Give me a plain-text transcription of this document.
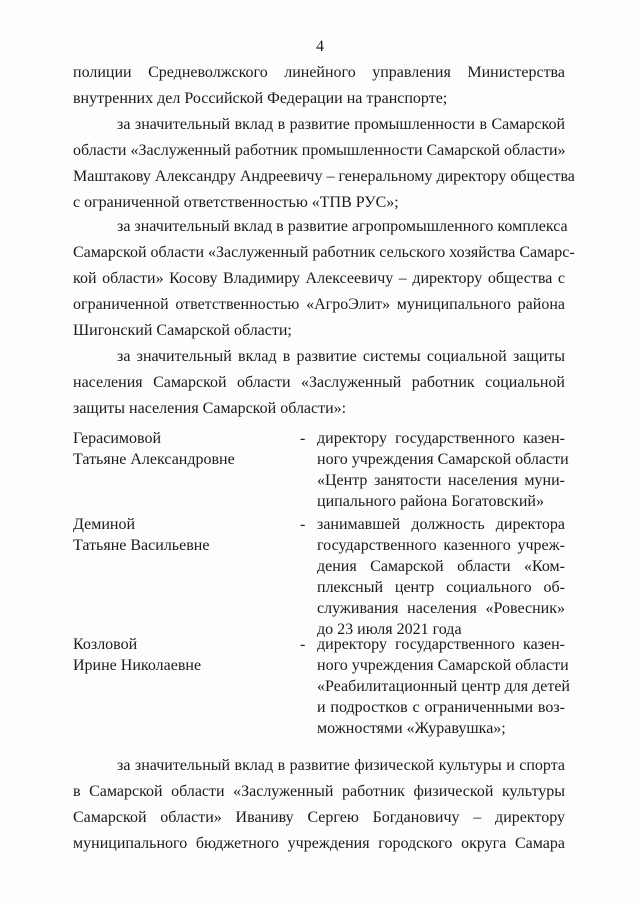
4
полиции Средневолжского линейного управления Министерства
внутренних дел Российской Федерации на транспорте;
за значительный вклад в развитие промышленности в Самарской
области «Заслуженный работник промышленности Самарской области»
Маштакову Александру Андреевичу – генеральному директору общества
с ограниченной ответственностью «ТПВ РУС»;
за значительный вклад в развитие агропромышленного комплекса
Самарской области «Заслуженный работник сельского хозяйства Самарс-
кой области» Косову Владимиру Алексеевичу – директору общества с
ограниченной ответственностью «АгроЭлит» муниципального района
Шигонский Самарской области;
за значительный вклад в развитие системы социальной защиты
населения Самарской области «Заслуженный работник социальной
защиты населения Самарской области»:
Герасимовой
Татьяне Александровне
- директору государственного казен-
ного учреждения Самарской области
«Центр занятости населения муни-
ципального района Богатовский»
Деминой
Татьяне Васильевне
- занимавшей должность директора
государственного казенного учреж-
дения Самарской области «Ком-
плексный центр социального об-
служивания населения «Ровесник»
до 23 июля 2021 года
Козловой
Ирине Николаевне
- директору государственного казен-
ного учреждения Самарской области
«Реабилитационный центр для детей
и подростков с ограниченными воз-
можностями «Журавушка»;
за значительный вклад в развитие физической культуры и спорта
в Самарской области «Заслуженный работник физической культуры
Самарской области» Иваниву Сергею Богдановичу – директору
муниципального бюджетного учреждения городского округа Самара
